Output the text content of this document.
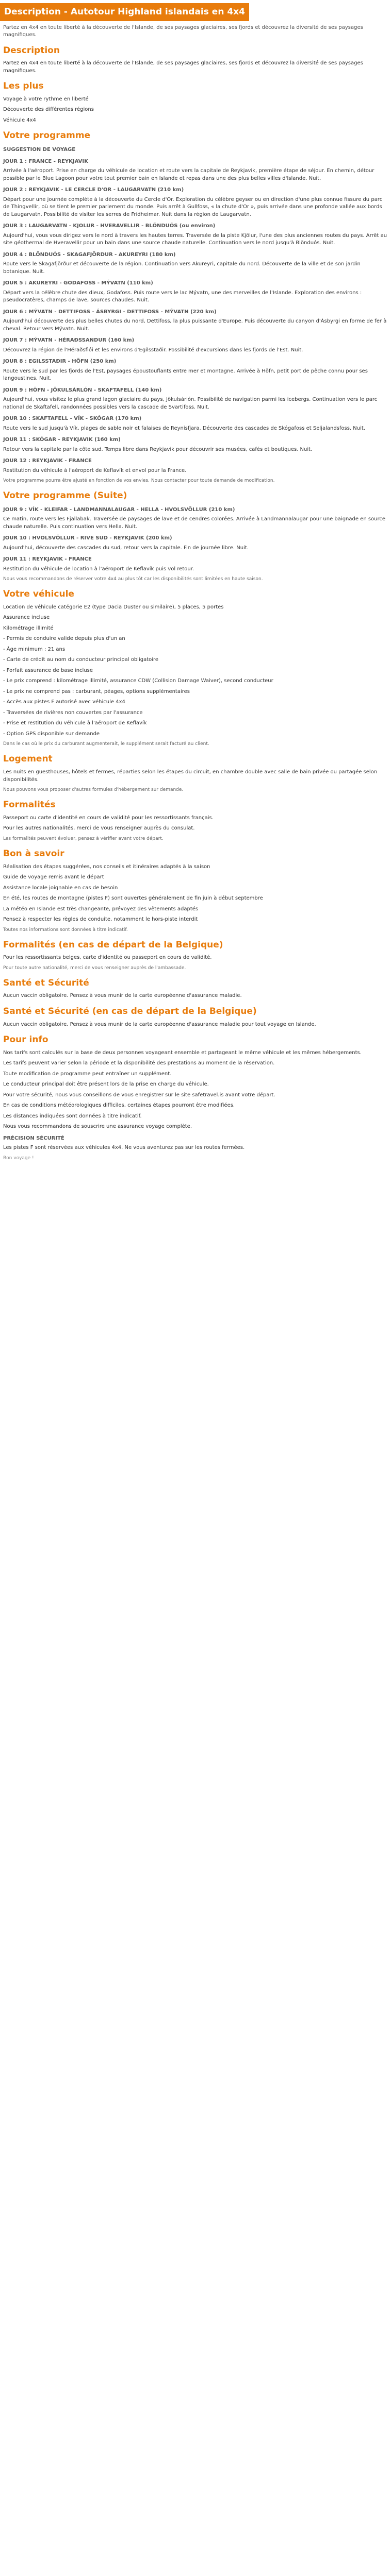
Description - Autotour Highland islandais en 4x4
Partez en 4x4 en toute liberté à la découverte de l'Islande, de ses paysages glaciaires, ses fjords et découvrez la diversité de ses paysages magnifiques.
Description
Partez en 4x4 en toute liberté à la découverte de l'Islande, de ses paysages glaciaires, ses fjords et découvrez la diversité de ses paysages magnifiques.
Les plus
Voyage à votre rythme en liberté
Découverte des différentes régions
Véhicule 4x4
Votre programme
SUGGESTION DE VOYAGE
JOUR 1 : FRANCE - REYKJAVIK
Arrivée à l'aéroport. Prise en charge du véhicule de location et route vers la capitale de Reykjavik, première étape de séjour. En chemin, détour possible par le Blue Lagoon pour votre tout premier bain en Islande et repas dans une des plus belles villes d'Islande. Nuit.
JOUR 2 : REYKJAVIK - LE CERCLE D'OR - LAUGARVATN (210 km)
Départ pour une journée complète à la découverte du Cercle d'Or. Exploration du célèbre geyser ou en direction d'une plus connue fissure du parc de Thingvellir, où se tient le premier parlement du monde. Puis arrêt à Gullfoss, « la chute d'Or », puis arrivée dans une profonde vallée aux bords de Laugarvatn. Possibilité de visiter les serres de Fridheimar. Nuit dans la région de Laugarvatn.
JOUR 3 : LAUGARVATN - KJOLUR - HVERAVELLIR - BLÖNDUÓS (ou environ)
Aujourd'hui, vous vous dirigez vers le nord à travers les hautes terres. Traversée de la piste Kjölur, l'une des plus anciennes routes du pays. Arrêt au site géothermal de Hveravellir pour un bain dans une source chaude naturelle. Continuation vers le nord jusqu'à Blönduós. Nuit.
JOUR 4 : BLÖNDUÓS - SKAGAFJÖRDUR - AKUREYRI (180 km)
Route vers le Skagafjörður et découverte de la région. Continuation vers Akureyri, capitale du nord. Découverte de la ville et de son jardin botanique. Nuit.
JOUR 5 : AKUREYRI - GODAFOSS - MÝVATN (110 km)
Départ vers la célèbre chute des dieux, Godafoss. Puis route vers le lac Mývatn, une des merveilles de l'Islande. Exploration des environs : pseudocratères, champs de lave, sources chaudes. Nuit.
JOUR 6 : MÝVATN - DETTIFOSS - ÁSBYRGI - DETTIFOSS - MÝVATN (220 km)
Aujourd'hui découverte des plus belles chutes du nord, Dettifoss, la plus puissante d'Europe. Puis découverte du canyon d'Ásbyrgi en forme de fer à cheval. Retour vers Mývatn. Nuit.
JOUR 7 : MÝVATN - HÉRAÐSSANDUR (160 km)
Découvrez la région de l'Héraðsflói et les environs d'Egilsstaðir. Possibilité d'excursions dans les fjords de l'Est. Nuit.
JOUR 8 : EGILSSTAÐIR - HÖFN (250 km)
Route vers le sud par les fjords de l'Est, paysages époustouflants entre mer et montagne. Arrivée à Höfn, petit port de pêche connu pour ses langoustines. Nuit.
JOUR 9 : HÖFN - JÖKULSÁRLÓN - SKAFTAFELL (140 km)
Aujourd'hui, vous visitez le plus grand lagon glaciaire du pays, Jökulsárlón. Possibilité de navigation parmi les icebergs. Continuation vers le parc national de Skaftafell, randonnées possibles vers la cascade de Svartifoss. Nuit.
JOUR 10 : SKAFTAFELL - VÍK - SKÓGAR (170 km)
Route vers le sud jusqu'à Vík, plages de sable noir et falaises de Reynisfjara. Découverte des cascades de Skógafoss et Seljalandsfoss. Nuit.
JOUR 11 : SKÓGAR - REYKJAVIK (160 km)
Retour vers la capitale par la côte sud. Temps libre dans Reykjavik pour découvrir ses musées, cafés et boutiques. Nuit.
JOUR 12 : REYKJAVIK - FRANCE
Restitution du véhicule à l'aéroport de Keflavík et envol pour la France.
Votre programme pourra être ajusté en fonction de vos envies. Nous contacter pour toute demande de modification.
Votre programme (Suite)
JOUR 9 : VÍK - KLEIFAR - LANDMANNALAUGAR - HELLA - HVOLSVÖLLUR (210 km)
Ce matin, route vers les Fjallabak. Traversée de paysages de lave et de cendres colorées. Arrivée à Landmannalaugar pour une baignade en source chaude naturelle. Puis continuation vers Hella. Nuit.
JOUR 10 : HVOLSVÖLLUR - RIVE SUD - REYKJAVIK (200 km)
Aujourd'hui, découverte des cascades du sud, retour vers la capitale. Fin de journée libre. Nuit.
JOUR 11 : REYKJAVIK - FRANCE
Restitution du véhicule de location à l'aéroport de Keflavík puis vol retour.
Nous vous recommandons de réserver votre 4x4 au plus tôt car les disponibilités sont limitées en haute saison.
Votre véhicule
Location de véhicule catégorie E2 (type Dacia Duster ou similaire), 5 places, 5 portes
Assurance incluse
Kilométrage illimité
- Permis de conduire valide depuis plus d'un an
- Âge minimum : 21 ans
- Carte de crédit au nom du conducteur principal obligatoire
- Forfait assurance de base incluse
- Le prix comprend : kilométrage illimité, assurance CDW (Collision Damage Waiver), second conducteur
- Le prix ne comprend pas : carburant, péages, options supplémentaires
- Accès aux pistes F autorisé avec véhicule 4x4
- Traversées de rivières non couvertes par l'assurance
- Prise et restitution du véhicule à l'aéroport de Keflavík
- Option GPS disponible sur demande
Dans le cas où le prix du carburant augmenterait, le supplément serait facturé au client.
Logement
Les nuits en guesthouses, hôtels et fermes, réparties selon les étapes du circuit, en chambre double avec salle de bain privée ou partagée selon disponibilités.
Nous pouvons vous proposer d'autres formules d'hébergement sur demande.
Formalités
Passeport ou carte d'identité en cours de validité pour les ressortissants français.
Pour les autres nationalités, merci de vous renseigner auprès du consulat.
Les formalités peuvent évoluer, pensez à vérifier avant votre départ.
Bon à savoir
Réalisation des étapes suggérées, nos conseils et itinéraires adaptés à la saison
Guide de voyage remis avant le départ
Assistance locale joignable en cas de besoin
En été, les routes de montagne (pistes F) sont ouvertes généralement de fin juin à début septembre
La météo en Islande est très changeante, prévoyez des vêtements adaptés
Pensez à respecter les règles de conduite, notamment le hors-piste interdit
Toutes nos informations sont données à titre indicatif.
Formalités (en cas de départ de la Belgique)
Pour les ressortissants belges, carte d'identité ou passeport en cours de validité.
Pour toute autre nationalité, merci de vous renseigner auprès de l'ambassade.
Santé et Sécurité
Aucun vaccin obligatoire. Pensez à vous munir de la carte européenne d'assurance maladie.
Santé et Sécurité (en cas de départ de la Belgique)
Aucun vaccin obligatoire. Pensez à vous munir de la carte européenne d'assurance maladie pour tout voyage en Islande.
Pour info
Nos tarifs sont calculés sur la base de deux personnes voyageant ensemble et partageant le même véhicule et les mêmes hébergements.
Les tarifs peuvent varier selon la période et la disponibilité des prestations au moment de la réservation.
Toute modification de programme peut entraîner un supplément.
Le conducteur principal doit être présent lors de la prise en charge du véhicule.
Pour votre sécurité, nous vous conseillons de vous enregistrer sur le site safetravel.is avant votre départ.
En cas de conditions météorologiques difficiles, certaines étapes pourront être modifiées.
Les distances indiquées sont données à titre indicatif.
Nous vous recommandons de souscrire une assurance voyage complète.
PRÉCISION SÉCURITÉ
Les pistes F sont réservées aux véhicules 4x4. Ne vous aventurez pas sur les routes fermées.
Bon voyage !
